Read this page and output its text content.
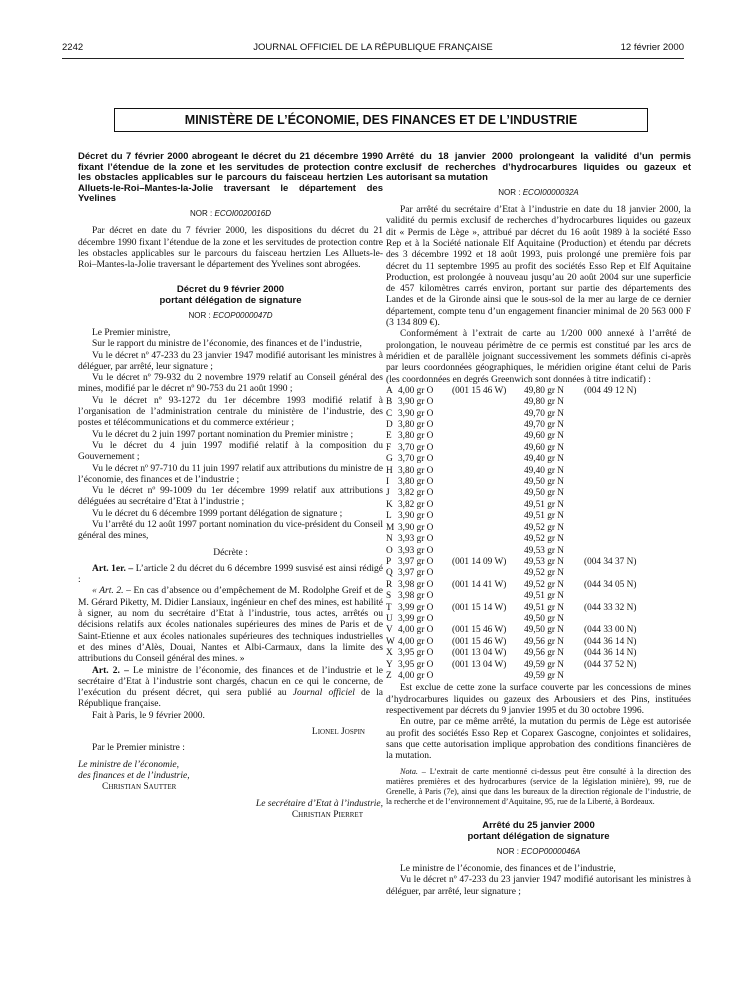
2242	JOURNAL OFFICIEL DE LA RÉPUBLIQUE FRANÇAISE	12 février 2000
MINISTÈRE DE L’ÉCONOMIE, DES FINANCES ET DE L’INDUSTRIE
Décret du 7 février 2000 abrogeant le décret du 21 décembre 1990 fixant l’étendue de la zone et les servitudes de protection contre les obstacles applicables sur le parcours du faisceau hertzien Les Alluets-le-Roi–Mantes-la-Jolie traversant le département des Yvelines
NOR : ECOI0020016D

Par décret en date du 7 février 2000, les dispositions du décret du 21 décembre 1990 fixant l’étendue de la zone et les servitudes de protection contre les obstacles applicables sur le parcours du faisceau hertzien Les Alluets-le-Roi–Mantes-la-Jolie traversant le département des Yvelines sont abrogées.

Décret du 9 février 2000
portant délégation de signature
NOR : ECOP0000047D

Le Premier ministre,

Sur le rapport du ministre de l’économie, des finances et de l’industrie,

Vu le décret nº 47-233 du 23 janvier 1947 modifié autorisant les ministres à déléguer, par arrêté, leur signature ;

Vu le décret nº 79-932 du 2 novembre 1979 relatif au Conseil général des mines, modifié par le décret nº 90-753 du 21 août 1990 ;

Vu le décret nº 93-1272 du 1er décembre 1993 modifié relatif à l’organisation de l’administration centrale du ministère de l’industrie, des postes et télécommunications et du commerce extérieur ;

Vu le décret du 2 juin 1997 portant nomination du Premier ministre ;

Vu le décret du 4 juin 1997 modifié relatif à la composition du Gouvernement ;

Vu le décret nº 97-710 du 11 juin 1997 relatif aux attributions du ministre de l’économie, des finances et de l’industrie ;

Vu le décret nº 99-1009 du 1er décembre 1999 relatif aux attributions déléguées au secrétaire d’Etat à l’industrie ;

Vu le décret du 6 décembre 1999 portant délégation de signature ;

Vu l’arrêté du 12 août 1997 portant nomination du vice-président du Conseil général des mines,

Décrète :

Art. 1er. – L’article 2 du décret du 6 décembre 1999 susvisé est ainsi rédigé :

« Art. 2. – En cas d’absence ou d’empêchement de M. Rodolphe Greif et de M. Gérard Piketty, M. Didier Lansiaux, ingénieur en chef des mines, est habilité à signer, au nom du secrétaire d’Etat à l’industrie, tous actes, arrêtés ou décisions relatifs aux écoles nationales supérieures des mines de Paris et de Saint-Etienne et aux écoles nationales supérieures des techniques industrielles et des mines d’Alès, Douai, Nantes et Albi-Carmaux, dans la limite des attributions du Conseil général des mines. »

Art. 2. – Le ministre de l’économie, des finances et de l’industrie et le secrétaire d’Etat à l’industrie sont chargés, chacun en ce qui le concerne, de l’exécution du présent décret, qui sera publié au Journal officiel de la République française.

Fait à Paris, le 9 février 2000.

Lionel Jospin

Par le Premier ministre :

Le ministre de l’économie,

des finances et de l’industrie,

Christian Sautter

Le secrétaire d’Etat à l’industrie,

Christian Pierret

Arrêté du 18 janvier 2000 prolongeant la validité d’un permis exclusif de recherches d’hydrocarbures liquides ou gazeux et autorisant sa mutation
NOR : ECOI0000032A

Par arrêté du secrétaire d’Etat à l’industrie en date du 18 janvier 2000, la validité du permis exclusif de recherches d’hydrocarbures liquides ou gazeux dit « Permis de Lège », attribué par décret du 16 août 1989 à la société Esso Rep et à la Société nationale Elf Aquitaine (Production) et étendu par décrets des 3 décembre 1992 et 18 août 1993, puis prolongé une première fois par décret du 11 septembre 1995 au profit des sociétés Esso Rep et Elf Aquitaine Production, est prolongée à nouveau jusqu’au 20 août 2004 sur une superficie de 457 kilomètres carrés environ, portant sur partie des départements des Landes et de la Gironde ainsi que le sous-sol de la mer au large de ce dernier département, compte tenu d’un engagement financier minimal de 20 563 000 F (3 134 809 €).

Conformément à l’extrait de carte au 1/200 000 annexé à l’arrêté de prolongation, le nouveau périmètre de ce permis est constitué par les arcs de méridien et de parallèle joignant successivement les sommets définis ci-après par leurs coordonnées géographiques, le méridien origine étant celui de Paris (les coordonnées en degrés Greenwich sont données à titre indicatif) :

A	4,00 gr O	(001 15 46 W)	49,80 gr N	(004 49 12 N)
B	3,90 gr O		49,80 gr N	
C	3,90 gr O		49,70 gr N	
D	3,80 gr O		49,70 gr N	
E	3,80 gr O		49,60 gr N	
F	3,70 gr O		49,60 gr N	
G	3,70 gr O		49,40 gr N	
H	3,80 gr O		49,40 gr N	
I	3,80 gr O		49,50 gr N	
J	3,82 gr O		49,50 gr N	
K	3,82 gr O		49,51 gr N	
L	3,90 gr O		49,51 gr N	
M	3,90 gr O		49,52 gr N	
N	3,93 gr O		49,52 gr N	
O	3,93 gr O		49,53 gr N	
P	3,97 gr O	(001 14 09 W)	49,53 gr N	(004 34 37 N)
Q	3,97 gr O		49,52 gr N	
R	3,98 gr O	(001 14 41 W)	49,52 gr N	(044 34 05 N)
S	3,98 gr O		49,51 gr N	
T	3,99 gr O	(001 15 14 W)	49,51 gr N	(044 33 32 N)
U	3,99 gr O		49,50 gr N	
V	4,00 gr O	(001 15 46 W)	49,50 gr N	(044 33 00 N)
W	4,00 gr O	(001 15 46 W)	49,56 gr N	(044 36 14 N)
X	3,95 gr O	(001 13 04 W)	49,56 gr N	(044 36 14 N)
Y	3,95 gr O	(001 13 04 W)	49,59 gr N	(044 37 52 N)
Z	4,00 gr O		49,59 gr N	

Est exclue de cette zone la surface couverte par les concessions de mines d’hydrocarbures liquides ou gazeux des Arbousiers et des Pins, instituées respectivement par décrets du 9 janvier 1995 et du 30 octobre 1996.

En outre, par ce même arrêté, la mutation du permis de Lège est autorisée au profit des sociétés Esso Rep et Coparex Gascogne, conjointes et solidaires, sans que cette autorisation implique approbation des conditions financières de la mutation.

Nota. – L’extrait de carte mentionné ci-dessus peut être consulté à la direction des matières premières et des hydrocarbures (service de la législation minière), 99, rue de Grenelle, à Paris (7e), ainsi que dans les bureaux de la direction régionale de l’industrie, de la recherche et de l’environnement d’Aquitaine, 95, rue de la Liberté, à Bordeaux.

Arrêté du 25 janvier 2000
portant délégation de signature
NOR : ECOP0000046A

Le ministre de l’économie, des finances et de l’industrie,

Vu le décret nº 47-233 du 23 janvier 1947 modifié autorisant les ministres à déléguer, par arrêté, leur signature ;
